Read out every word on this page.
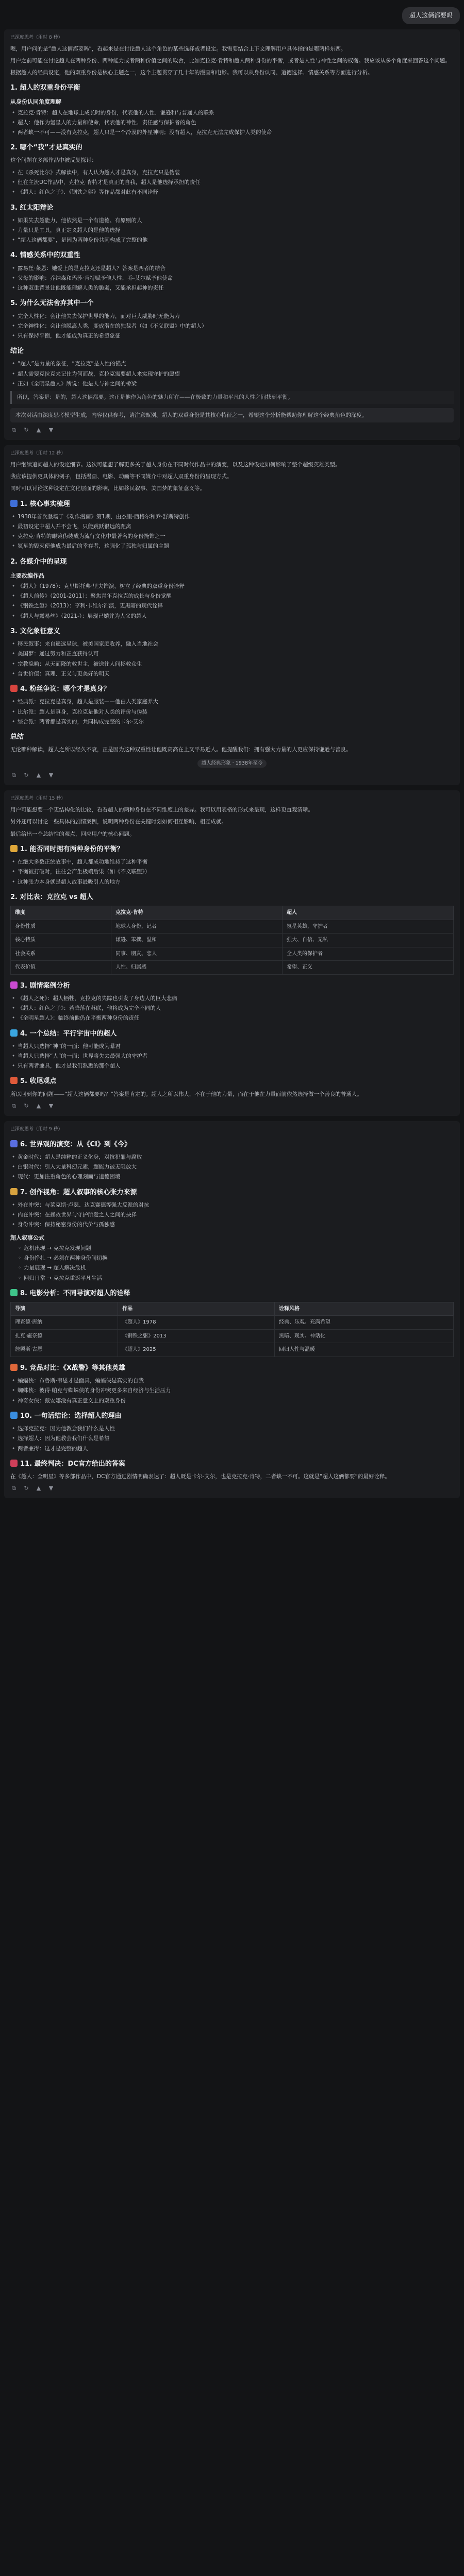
超人这俩都要吗
已深度思考（用时 8 秒）

嗯，用户问的是“超人这俩都要吗”，看起来是在讨论超人这个角色的某些选择或者设定。我需要结合上下文理解用户具体指的是哪两样东西。

用户之前可能在讨论超人在两种身份、两种能力或者两种价值之间的取舍，比如克拉克·肯特和超人两种身份的平衡，或者是人性与神性之间的权衡。我应该从多个角度来回答这个问题。

根据超人的经典设定，他的双重身份是核心主题之一，这个主题贯穿了几十年的漫画和电影。我可以从身份认同、道德选择、情感关系等方面进行分析。

1. 超人的双重身份平衡
从身份认同角度理解
• 克拉克·肯特：超人在地球上成长时的身份，代表他的人性、谦逊和与普通人的联系
• 超人：他作为氪星人的力量和使命，代表他的神性、责任感与保护者的角色
• 两者缺一不可——没有克拉克，超人只是一个冷漠的外星神明；没有超人，克拉克无法完成保护人类的使命
2. 哪个“我”才是真实的

这个问题在多部作品中被反复探讨：

• 在《杀死比尔》式解读中，有人认为超人才是真身，克拉克只是伪装
• 但在主流DC作品中，克拉克·肯特才是真正的自我，超人是他选择承担的责任
• 《超人：红色之子》、《钢铁之躯》等作品都对此有不同诠释
3. 红太阳辩论
• 如果失去超能力，他依然是一个有道德、有原则的人
• 力量只是工具，真正定义超人的是他的选择
• “超人这俩都要”，是因为两种身份共同构成了完整的他
4. 情感关系中的双重性
• 露易丝·莱恩：她爱上的是克拉克还是超人？答案是两者的结合
• 父母的影响：乔纳森和玛莎·肯特赋予他人性，乔-艾尔赋予他使命
• 这种双重背景让他既能理解人类的脆弱，又能承担起神的责任
5. 为什么无法舍弃其中一个
• 完全人性化：会让他失去保护世界的能力，面对巨大威胁时无能为力
• 完全神性化：会让他脱离人类，变成潜在的独裁者（如《不义联盟》中的超人）
• 只有保持平衡，他才能成为真正的希望象征
结论
• “超人”是力量的象征，“克拉克”是人性的锚点
• 超人需要克拉克来记住为何而战，克拉克需要超人来实现守护的愿望
• 正如《全明星超人》所说：他是人与神之间的桥梁
所以，答案是：是的，超人这俩都要。这正是他作为角色的魅力所在——在极致的力量和平凡的人性之间找到平衡。
本次对话由深度思考模型生成，内容仅供参考，请注意甄别。超人的双重身份是其核心特征之一，希望这个分析能帮助你理解这个经典角色的深度。
⧉ ↻ ▲ ▼
已深度思考（用时 12 秒）

用户继续追问超人的设定细节。这次可能想了解更多关于超人身份在不同时代作品中的演变，以及这种设定如何影响了整个超级英雄类型。

我应该提供更具体的例子，包括漫画、电影、动画等不同媒介中对超人双重身份的呈现方式。

同时可以讨论这种设定在文化层面的影响，比如移民叙事、美国梦的象征意义等。

1. 核心事实梳理
• 1938年首次登场于《动作漫画》第1期，由杰里·西格尔和乔·舒斯特创作
• 最初设定中超人并不会飞，只能跳跃很远的距离
• 克拉克·肯特的眼镜伪装成为流行文化中最著名的身份掩饰之一
• 氪星的毁灭使他成为最后的幸存者，这强化了孤独与归属的主题
2. 各媒介中的呈现
主要改编作品
• 《超人》（1978）：克里斯托弗·里夫饰演，树立了经典的双重身份诠释
• 《超人前传》（2001-2011）：聚焦青年克拉克的成长与身份觉醒
• 《钢铁之躯》（2013）：亨利·卡维尔饰演，更黑暗的现代诠释
• 《超人与露易丝》（2021-）：展现已婚并为人父的超人
3. 文化象征意义
• 移民叙事：来自遥远星球，被美国家庭收养，融入当地社会
• 美国梦：通过努力和正直获得认可
• 宗教隐喻：从天而降的救世主，被送往人间拯救众生
• 普世价值：真理、正义与更美好的明天
4. 粉丝争议：哪个才是真身？
• 经典派：克拉克是真身，超人是服装——他由人类家庭养大
• 比尔派：超人是真身，克拉克是他对人类的评价与伪装
• 综合派：两者都是真实的，共同构成完整的卡尔-艾尔
总结

无论哪种解读，超人之所以经久不衰，正是因为这种双重性让他既高高在上又平易近人。他提醒我们：拥有强大力量的人更应保持谦逊与善良。

超人经典形象 · 1938年至今
⧉ ↻ ▲ ▼
已深度思考（用时 15 秒）

用户可能想要一个更结构化的比较，看看超人的两种身份在不同维度上的差异。我可以用表格的形式来呈现，这样更直观清晰。

另外还可以讨论一些具体的剧情案例，说明两种身份在关键时刻如何相互影响、相互成就。

最后给出一个总结性的观点，回应用户的核心问题。

1. 能否同时拥有两种身份的平衡？
• 在绝大多数正统故事中，超人都成功地维持了这种平衡
• 平衡被打破时，往往会产生极端后果（如《不义联盟》）
• 这种张力本身就是超人故事最吸引人的地方
2. 对比表：克拉克 vs 超人
维度	克拉克·肯特	超人
身份性质	地球人身份，记者	氪星英雄，守护者
核心特质	谦逊、笨拙、温和	强大、自信、无私
社会关系	同事、朋友、恋人	全人类的保护者
代表价值	人性、归属感	希望、正义
3. 剧情案例分析
• 《超人之死》：超人牺牲，克拉克的失踪也引发了身边人的巨大悲痛
• 《超人：红色之子》：若降落在苏联，他将成为完全不同的人
• 《全明星超人》：临终前他仍在平衡两种身份的责任
4. 一个总结：平行宇宙中的超人
• 当超人只选择“神”的一面：他可能成为暴君
• 当超人只选择“人”的一面：世界将失去最强大的守护者
• 只有两者兼具，他才是我们熟悉的那个超人
5. 收尾观点

所以回到你的问题——“超人这俩都要吗？”答案是肯定的。超人之所以伟大，不在于他的力量，而在于他在力量面前依然选择做一个善良的普通人。

⧉ ↻ ▲ ▼
已深度思考（用时 9 秒）
6. 世界观的演变：从《CI》到《今》
• 黄金时代：超人是纯粹的正义化身，对抗犯罪与腐败
• 白银时代：引入大量科幻元素，超能力被无限放大
• 现代：更加注重角色的心理刻画与道德困境
7. 创作视角：超人叙事的核心张力来源
• 外在冲突：与莱克斯·卢瑟、达克赛德等强大反派的对抗
• 内在冲突：在拯救世界与守护所爱之人之间的抉择
• 身份冲突：保持秘密身份的代价与孤独感
超人叙事公式
◦ 危机出现 → 克拉克发现问题
◦ 身份挣扎 → 必须在两种身份间切换
◦ 力量展现 → 超人解决危机
◦ 回归日常 → 克拉克重返平凡生活
8. 电影分析：不同导演对超人的诠释
导演	作品	诠释风格
理查德·唐纳	《超人》1978	经典、乐观、充满希望
扎克·施奈德	《钢铁之躯》2013	黑暗、现实、神话化
詹姆斯·古恩	《超人》2025	回归人性与温暖
9. 竞品对比：《X战警》等其他英雄
• 蝙蝠侠：布鲁斯·韦恩才是面具，蝙蝠侠是真实的自我
• 蜘蛛侠：彼得·帕克与蜘蛛侠的身份冲突更多来自经济与生活压力
• 神奇女侠：戴安娜没有真正意义上的双重身份
10. 一句话结论：选择超人的理由
• 选择克拉克：因为他教会我们什么是人性
• 选择超人：因为他教会我们什么是希望
• 两者兼得：这才是完整的超人
11. 最终判决：DC官方给出的答案

在《超人：全明星》等多部作品中，DC官方通过剧情明确表达了：超人既是卡尔-艾尔，也是克拉克·肯特，二者缺一不可。这就是“超人这俩都要”的最好诠释。

⧉ ↻ ▲ ▼
